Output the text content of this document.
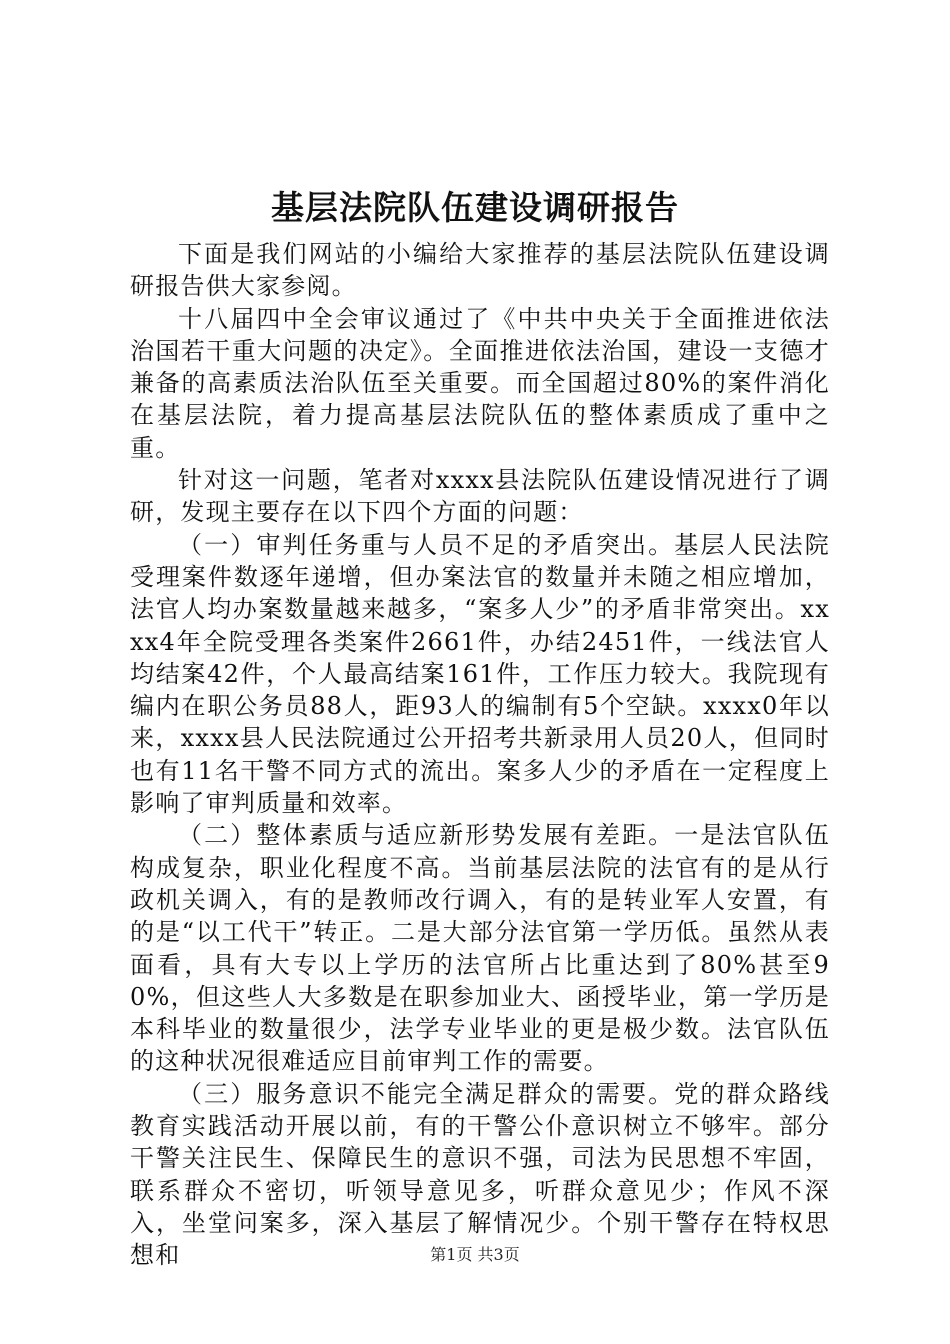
基层法院队伍建设调研报告

下面是我们网站的小编给大家推荐的基层法院队伍建设调研报告供大家参阅。

十八届四中全会审议通过了《中共中央关于全面推进依法治国若干重大问题的决定》。全面推进依法治国，建设一支德才兼备的高素质法治队伍至关重要。而全国超过80%的案件消化在基层法院，着力提高基层法院队伍的整体素质成了重中之重。

针对这一问题，笔者对xxxx县法院队伍建设情况进行了调研，发现主要存在以下四个方面的问题：

（一）审判任务重与人员不足的矛盾突出。基层人民法院受理案件数逐年递增，但办案法官的数量并未随之相应增加，法官人均办案数量越来越多，“案多人少”的矛盾非常突出。xxxx4年全院受理各类案件2661件，办结2451件，一线法官人均结案42件，个人最高结案161件，工作压力较大。我院现有编内在职公务员88人，距93人的编制有5个空缺。xxxx0年以来，xxxx县人民法院通过公开招考共新录用人员20人，但同时也有11名干警不同方式的流出。案多人少的矛盾在一定程度上影响了审判质量和效率。

（二）整体素质与适应新形势发展有差距。一是法官队伍构成复杂，职业化程度不高。当前基层法院的法官有的是从行政机关调入，有的是教师改行调入，有的是转业军人安置，有的是“以工代干”转正。二是大部分法官第一学历低。虽然从表面看，具有大专以上学历的法官所占比重达到了80%甚至90%，但这些人大多数是在职参加业大、函授毕业，第一学历是本科毕业的数量很少，法学专业毕业的更是极少数。法官队伍的这种状况很难适应目前审判工作的需要。

（三）服务意识不能完全满足群众的需要。党的群众路线教育实践活动开展以前，有的干警公仆意识树立不够牢。部分干警关注民生、保障民生的意识不强，司法为民思想不牢固，联系群众不密切，听领导意见多，听群众意见少；作风不深入，坐堂问案多，深入基层了解情况少。个别干警存在特权思想和	第1页 共3页
